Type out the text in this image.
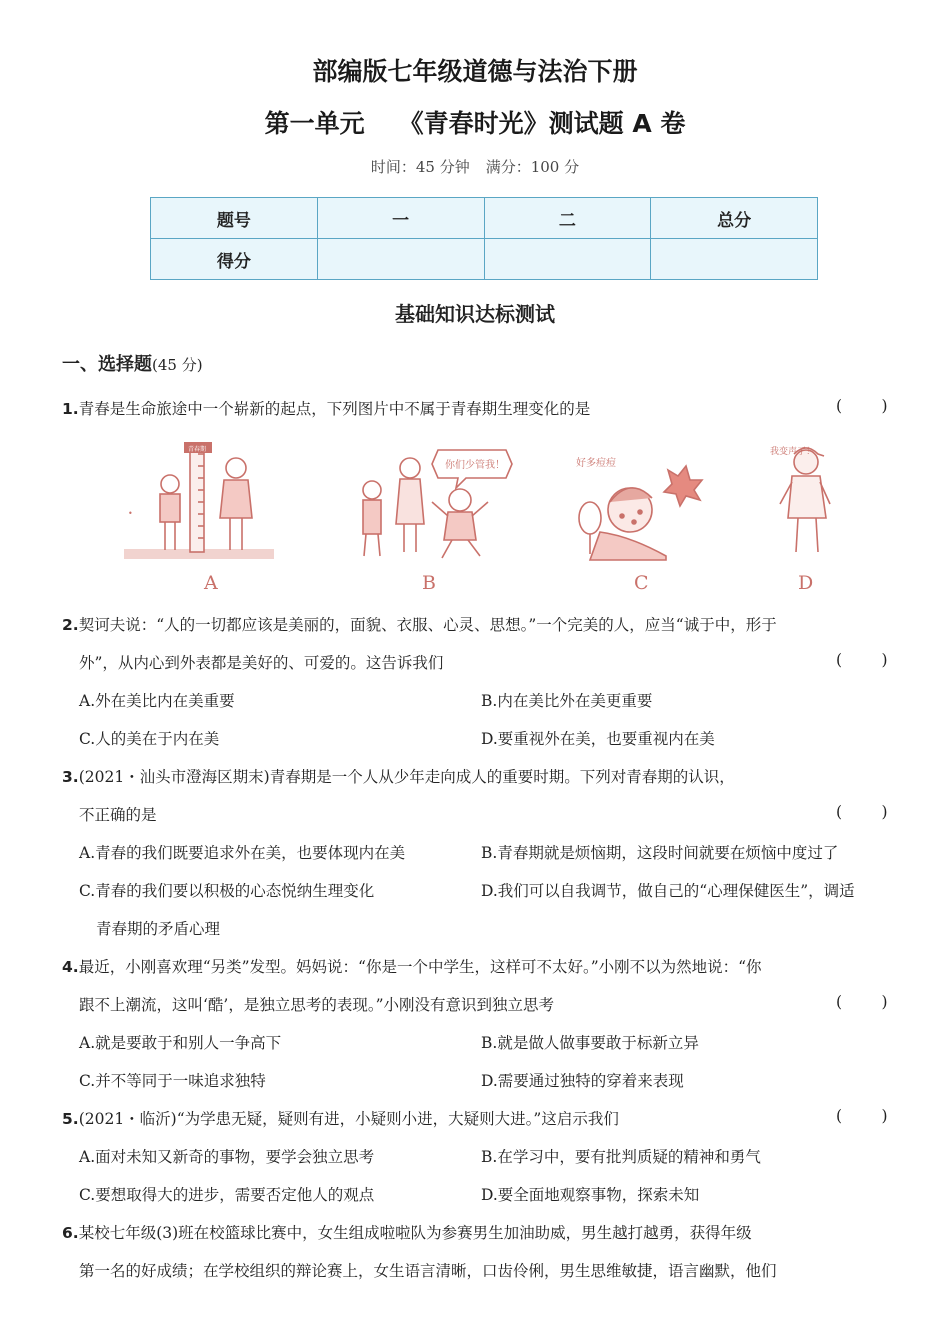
部编版七年级道德与法治下册
第一单元 《青春时光》测试题 A 卷
时间：45 分钟 满分：100 分
题号	一	二	总分
得分			
基础知识达标测试
一、选择题(45 分)
1.青春是生命旅途中一个崭新的起点，下列图片中不属于青春期生理变化的是	(        )
青春期
•
你们少管我！	好多痘痘
我变声了！
A	B	C	D
2.契诃夫说：“人的一切都应该是美丽的，面貌、衣服、心灵、思想。”一个完美的人，应当“诚于中，形于
外”，从内心到外表都是美好的、可爱的。这告诉我们	(        )
A.外在美比内在美重要	B.内在美比外在美更重要
C.人的美在于内在美	D.要重视外在美，也要重视内在美
3.(2021・汕头市澄海区期末)青春期是一个人从少年走向成人的重要时期。下列对青春期的认识，
不正确的是	(        )
A.青春的我们既要追求外在美，也要体现内在美	B.青春期就是烦恼期，这段时间就要在烦恼中度过了
C.青春的我们要以积极的心态悦纳生理变化	D.我们可以自我调节，做自己的“心理保健医生”，调适
青春期的矛盾心理
4.最近，小刚喜欢理“另类”发型。妈妈说：“你是一个中学生，这样可不太好。”小刚不以为然地说：“你
跟不上潮流，这叫‘酷’，是独立思考的表现。”小刚没有意识到独立思考	(        )
A.就是要敢于和别人一争高下	B.就是做人做事要敢于标新立异
C.并不等同于一味追求独特	D.需要通过独特的穿着来表现
5.(2021・临沂)“为学患无疑，疑则有进，小疑则小进，大疑则大进。”这启示我们	(        )
A.面对未知又新奇的事物，要学会独立思考	B.在学习中，要有批判质疑的精神和勇气
C.要想取得大的进步，需要否定他人的观点	D.要全面地观察事物，探索未知
6.某校七年级(3)班在校篮球比赛中，女生组成啦啦队为参赛男生加油助威，男生越打越勇，获得年级
第一名的好成绩；在学校组织的辩论赛上，女生语言清晰，口齿伶俐，男生思维敏捷，语言幽默，他们
